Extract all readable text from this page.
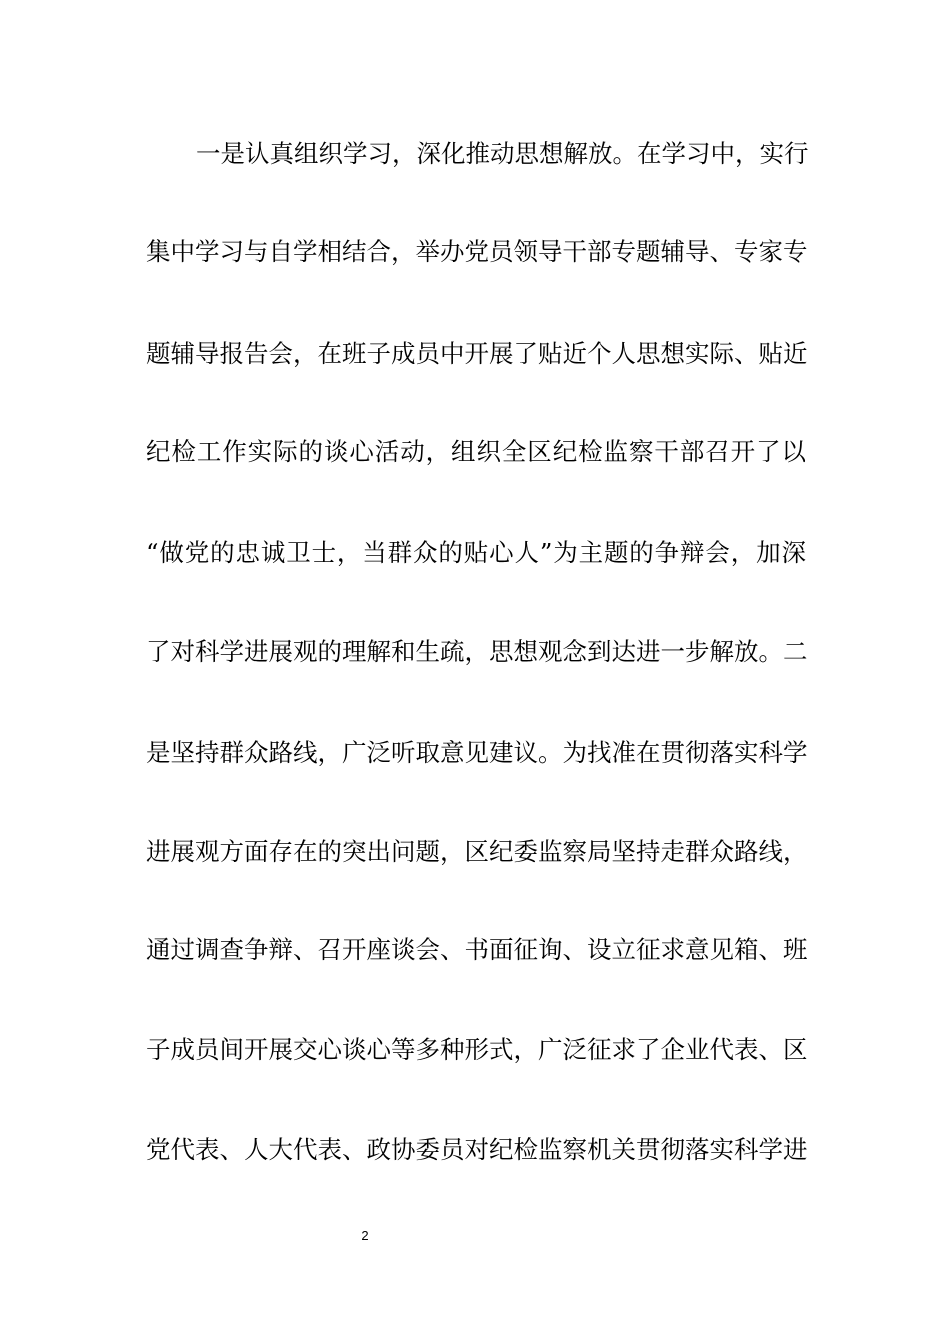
一是认真组织学习，深化推动思想解放。在学习中，实行
集中学习与自学相结合，举办党员领导干部专题辅导、专家专
题辅导报告会，在班子成员中开展了贴近个人思想实际、贴近
纪检工作实际的谈心活动，组织全区纪检监察干部召开了以
“做党的忠诚卫士，当群众的贴心人”为主题的争辩会，加深
了对科学进展观的理解和生疏，思想观念到达进一步解放。二
是坚持群众路线，广泛听取意见建议。为找准在贯彻落实科学
进展观方面存在的突出问题，区纪委监察局坚持走群众路线，
通过调查争辩、召开座谈会、书面征询、设立征求意见箱、班
子成员间开展交心谈心等多种形式，广泛征求了企业代表、区
党代表、人大代表、政协委员对纪检监察机关贯彻落实科学进
2
